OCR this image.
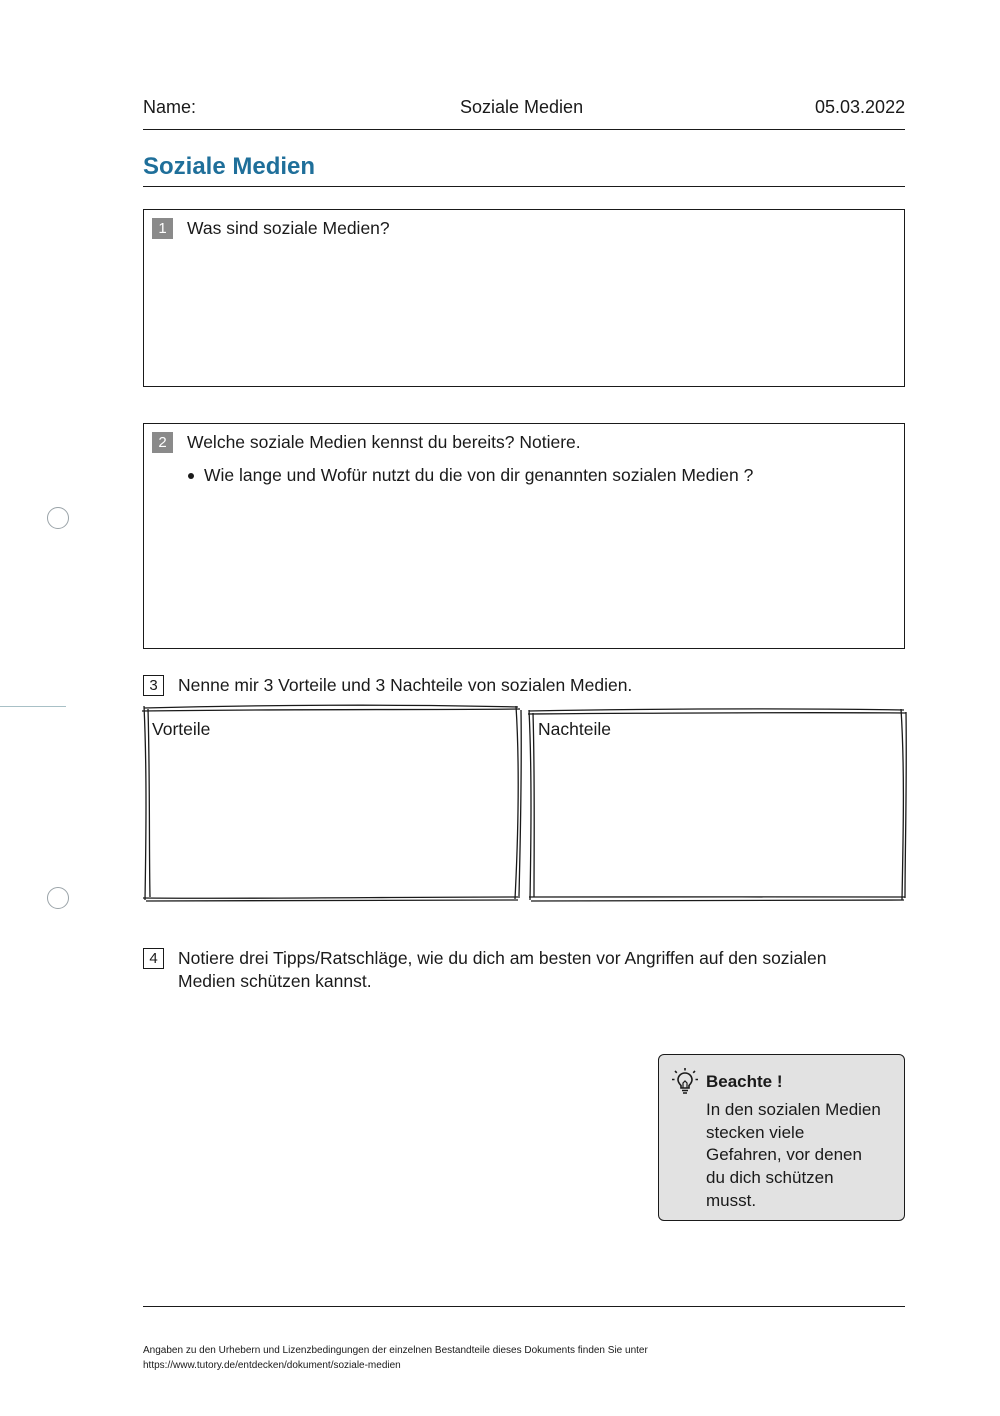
Name:	Soziale Medien	05.03.2022
Soziale Medien
1	Was sind soziale Medien?
2	Welche soziale Medien kennst du bereits? Notiere.
Wie lange und Wofür nutzt du die von dir genannten sozialen Medien ?
3	Nenne mir 3 Vorteile und 3 Nachteile von sozialen Medien.
Vorteile	Nachteile
4	Notiere drei Tipps/Ratschläge, wie du dich am besten vor Angriffen auf den sozialen
Medien schützen kannst.
Beachte !
In den sozialen Medien
stecken viele
Gefahren, vor denen
du dich schützen
musst.
Angaben zu den Urhebern und Lizenzbedingungen der einzelnen Bestandteile dieses Dokuments finden Sie unter
https://www.tutory.de/entdecken/dokument/soziale-medien
